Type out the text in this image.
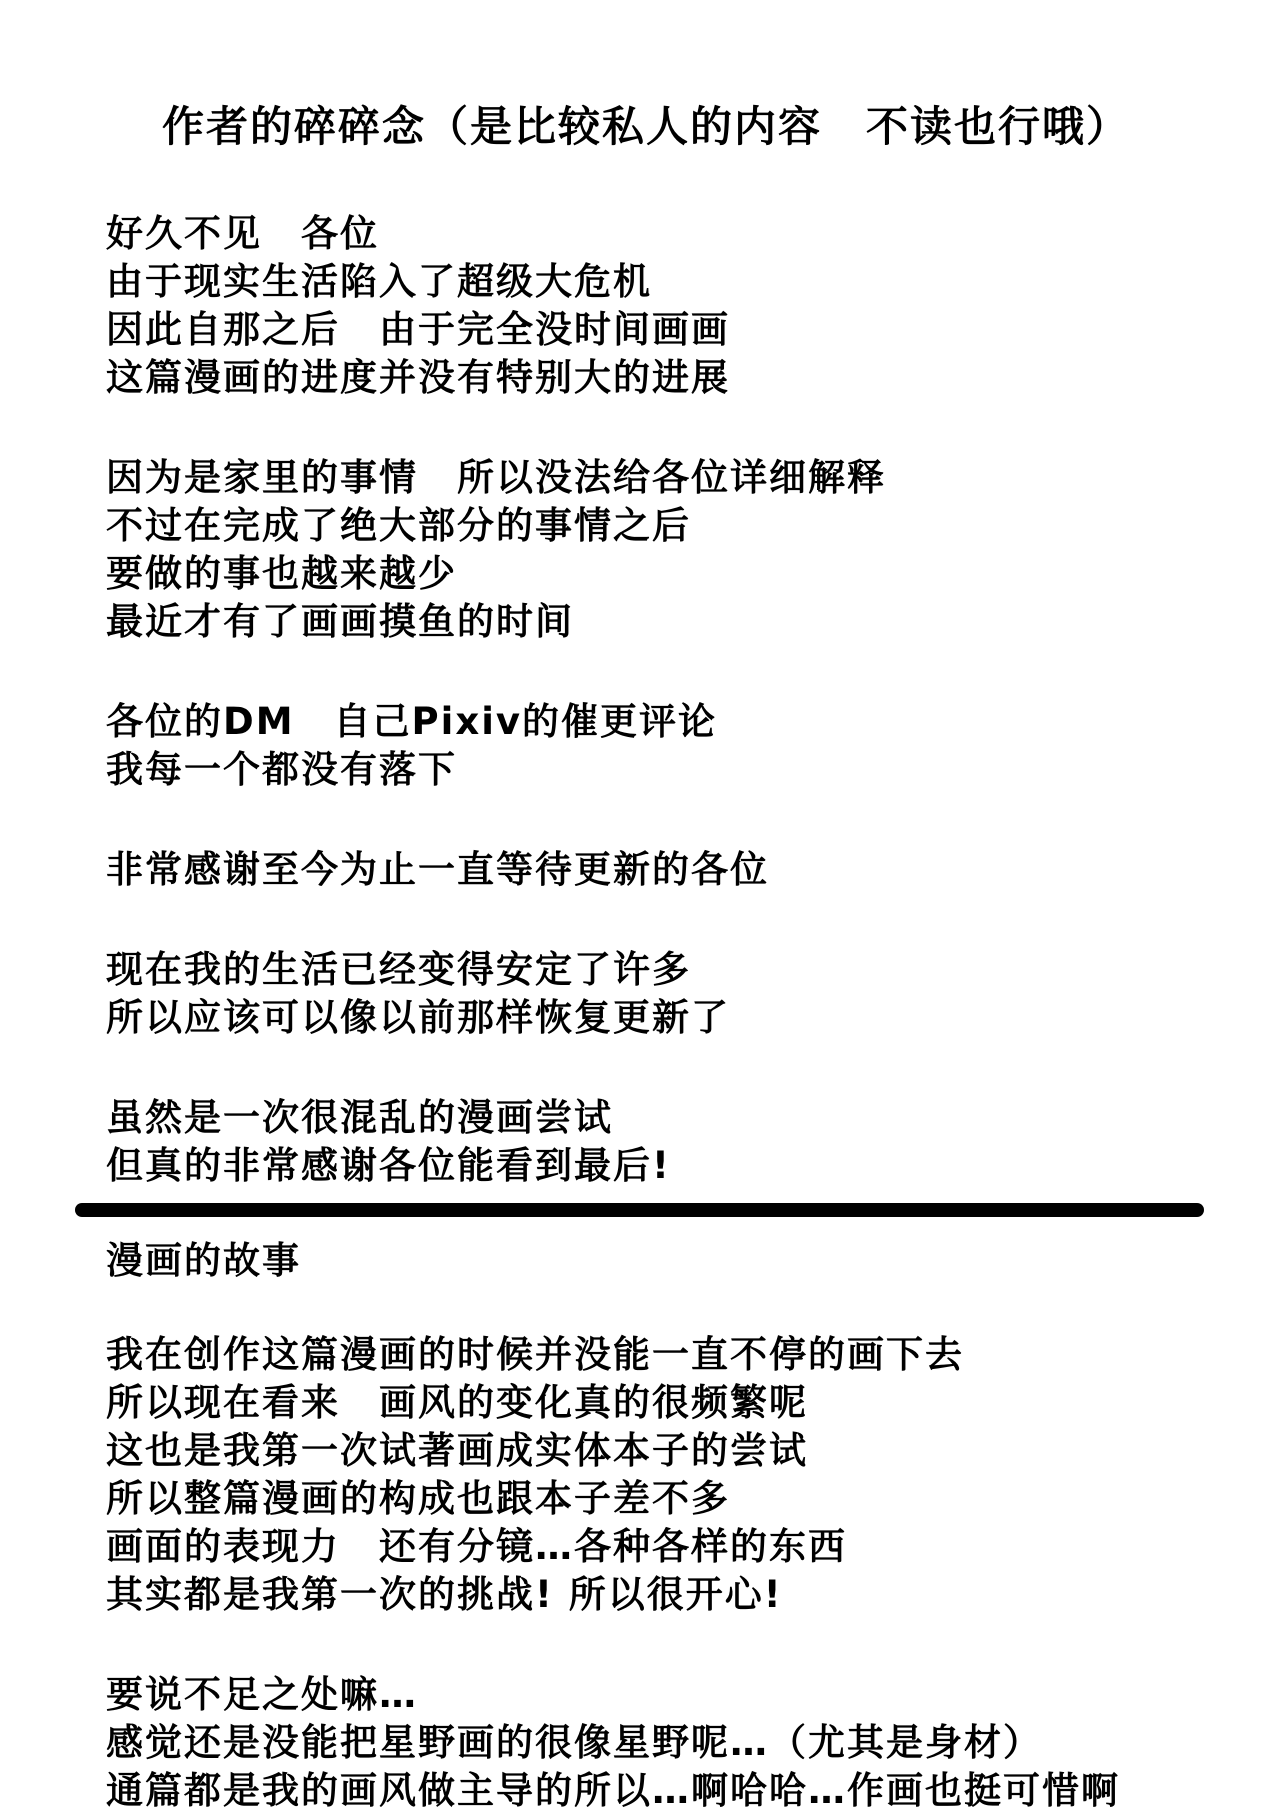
作者的碎碎念（是比较私人的内容　不读也行哦）
好久不见　各位
由于现实生活陷入了超级大危机
因此自那之后　由于完全没时间画画
这篇漫画的进度并没有特别大的进展
因为是家里的事情　所以没法给各位详细解释
不过在完成了绝大部分的事情之后
要做的事也越来越少
最近才有了画画摸鱼的时间
各位的DM　自己Pixiv的催更评论
我每一个都没有落下
非常感谢至今为止一直等待更新的各位
现在我的生活已经变得安定了许多
所以应该可以像以前那样恢复更新了
虽然是一次很混乱的漫画尝试
但真的非常感谢各位能看到最后!
漫画的故事
我在创作这篇漫画的时候并没能一直不停的画下去
所以现在看来　画风的变化真的很频繁呢
这也是我第一次试著画成实体本子的尝试
所以整篇漫画的构成也跟本子差不多
画面的表现力　还有分镜…各种各样的东西
其实都是我第一次的挑战! 所以很开心!
要说不足之处嘛…
感觉还是没能把星野画的很像星野呢…（尤其是身材）
通篇都是我的画风做主导的所以…啊哈哈…作画也挺可惜啊
